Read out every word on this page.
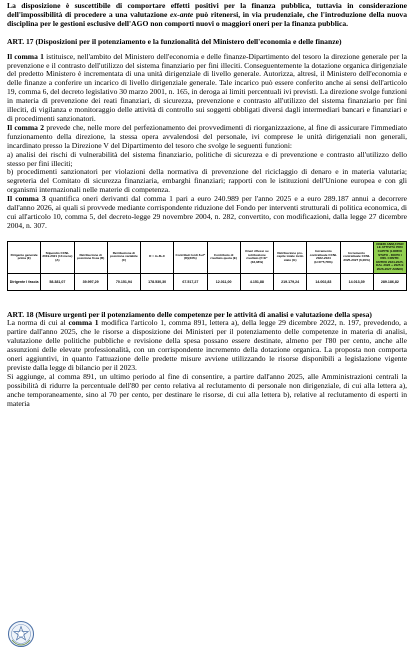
La disposizione è suscettibile di comportare effetti positivi per la finanza pubblica, tuttavia in considerazione dell'impossibilità di procedere a una valutazione ex-ante può ritenersi, in via prudenziale, che l'introduzione della nuova disciplina per le gestioni esclusive dell'AGO non comporti nuovi o maggiori oneri per la finanza pubblica.

ART. 17 (Disposizioni per il potenziamento e la funzionalità del Ministero dell'economia e delle finanze)

Il comma 1 istituisce, nell'ambito del Ministero dell'economia e delle finanze-Dipartimento del tesoro la direzione generale per la prevenzione e il contrasto dell'utilizzo del sistema finanziario per fini illeciti. Conseguentemente la dotazione organica dirigenziale del predetto Ministero è incrementata di una unità dirigenziale di livello generale. Autorizza, altresì, il Ministero dell'economia e delle finanze a conferire un incarico di livello dirigenziale generale. Tale incarico può essere conferito anche ai sensi dell'articolo 19, comma 6, del decreto legislativo 30 marzo 2001, n. 165, in deroga ai limiti percentuali ivi previsti. La direzione svolge funzioni in materia di prevenzione dei reati finanziari, di sicurezza, prevenzione e contrasto all'utilizzo del sistema finanziario per fini illeciti, di vigilanza e monitoraggio delle attività di controllo sui soggetti obbligati diversi dagli intermediari bancari e finanziari e di procedimenti sanzionatori.

Il comma 2 prevede che, nelle more del perfezionamento dei provvedimenti di riorganizzazione, al fine di assicurare l'immediato funzionamento della direzione, la stessa opera avvalendosi del personale, ivi comprese le unità dirigenziali non generali, incardinato presso la Direzione V del Dipartimento del tesoro che svolge le seguenti funzioni:

a) analisi dei rischi di vulnerabilità del sistema finanziario, politiche di sicurezza e di prevenzione e contrasto all'utilizzo dello stesso per fini illeciti;

b) procedimenti sanzionatori per violazioni della normativa di prevenzione del riciclaggio di denaro e in materia valutaria; segreteria del Comitato di sicurezza finanziaria, embarghi finanziari; rapporti con le istituzioni dell'Unione europea e con gli organismi internazionali nelle materie di competenza.

Il comma 3 quantifica oneri derivanti dal comma 1 pari a euro 240.989 per l'anno 2025 e a euro 289.187 annui a decorrere dall'anno 2026, ai quali si provvede mediante corrispondente riduzione del Fondo per interventi strutturali di politica economica, di cui all'articolo 10, comma 5, del decreto-legge 29 novembre 2004, n. 282, convertito, con modificazioni, dalla legge 27 dicembre 2004, n. 307.

Dirigente generale prima (€)	Stipendio CCNL 2019-2021 (13 mens) (A)	Retribuzione di posizione fissa (B)	Retribuzione di posizione variabile (C)	D = A+B+C	Contributi lordi 8+2*(D)(33%)	Contributo di risultato quota (E)	Oneri riflessi su retribuzione risultato (F=E*(33,38%)	Retribuzione pro-capite totale lordo stato (G)	Incremento contrattuale CCNL 2022-2024 (H=D*5,78%)	Incremento contrattuale CCNL 2025-2027 (6,00%)	ONERI ANNUI PER LE ATTIVITÀ PRO CAPITE (LORDO STATO - DOPO I RIN. CONTR. ENTRO 2024-2025, DAL 2026 + 2025 E 2026-2027 ANNUI)
Dirigente I fascia	58.381,07	39.997,29	70.151,94	178.530,30	67.517,27	12.011,00	4.151,88	219.179,24	14.002,83	14.013,39	289.186,82
ART. 18 (Misure urgenti per il potenziamento delle competenze per le attività di analisi e valutazione della spesa)

La norma di cui al comma 1 modifica l'articolo 1, comma 891, lettera a), della legge 29 dicembre 2022, n. 197, prevedendo, a partire dall'anno 2025, che le risorse a disposizione dei Ministeri per il potenziamento delle competenze in materia di analisi, valutazione delle politiche pubbliche e revisione della spesa possano essere destinate, almeno per l'80 per cento, anche alle assunzioni delle elevate professionalità, con un corrispondente incremento della dotazione organica. La proposta non comporta oneri aggiuntivi, in quanto l'attuazione delle predette misure avviene utilizzando le risorse disponibili a legislazione vigente previste dalla legge di bilancio per il 2023.

Si aggiunge, al comma 891, un ultimo periodo al fine di consentire, a partire dall'anno 2025, alle Amministrazioni centrali la possibilità di ridurre la percentuale dell'80 per cento relativa al reclutamento di personale non dirigenziale, di cui alla lettera a), anche temporaneamente, sino al 70 per cento, per destinare le risorse, di cui alla lettera b), relative al reclutamento di esperti in materia
